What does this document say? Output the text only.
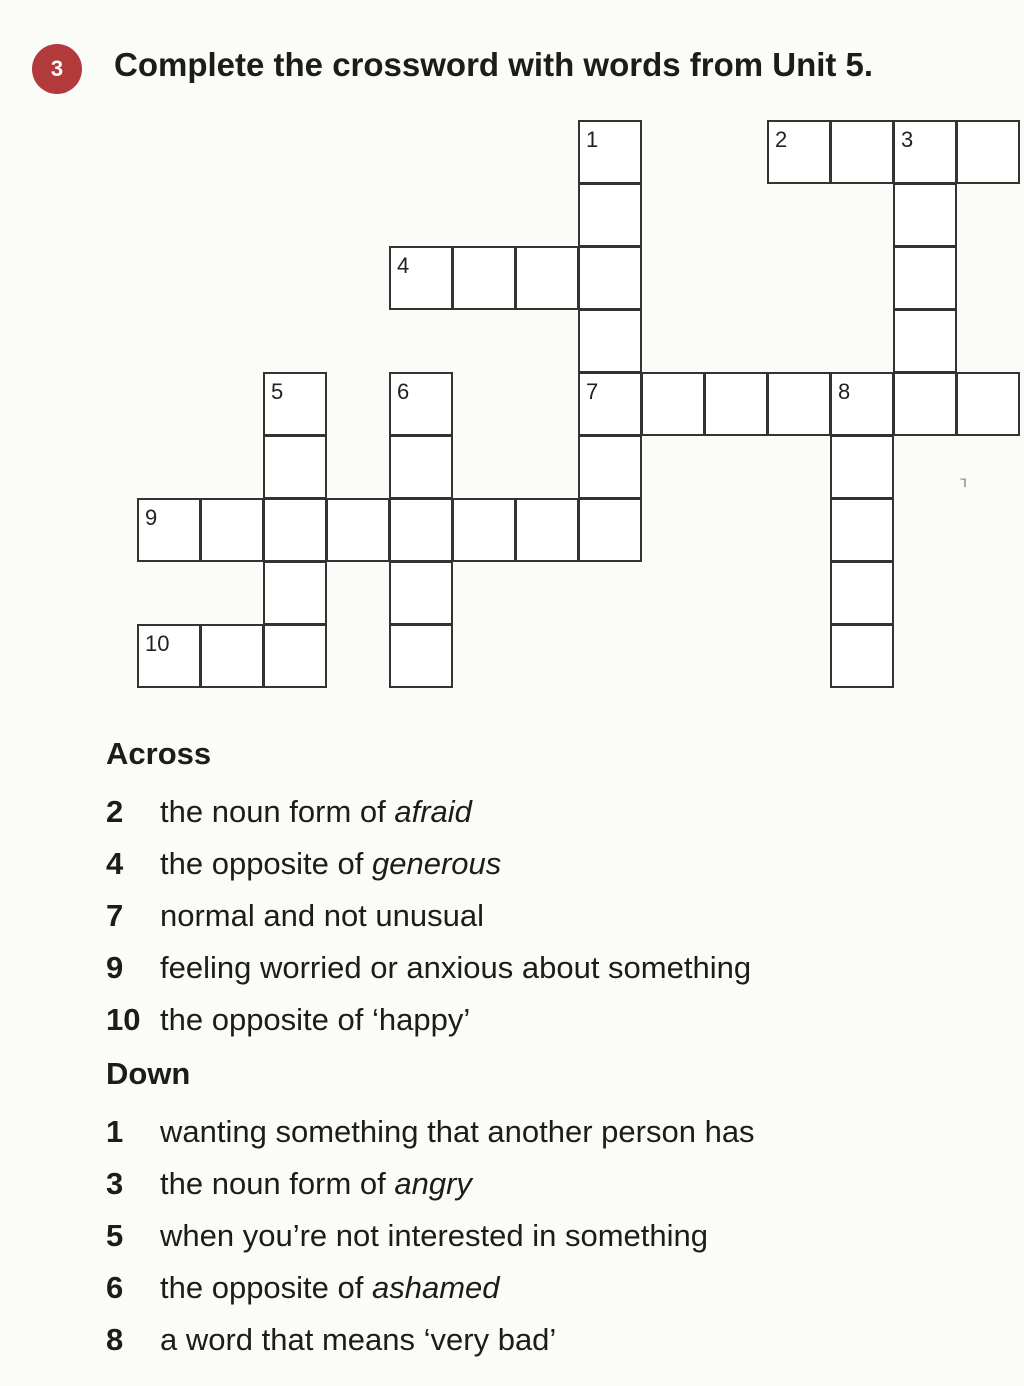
3 Complete the crossword with words from Unit 5.
1	3
2
4
5	6	7	8
9
10
ꭋ
Across
2	the noun form of afraid
4	the opposite of generous
7	normal and not unusual
9	feeling worried or anxious about something
10 the opposite of ‘happy’
Down
1	wanting something that another person has
3	the noun form of angry
5	when you’re not interested in something
6	the opposite of ashamed
8	a word that means ‘very bad’
